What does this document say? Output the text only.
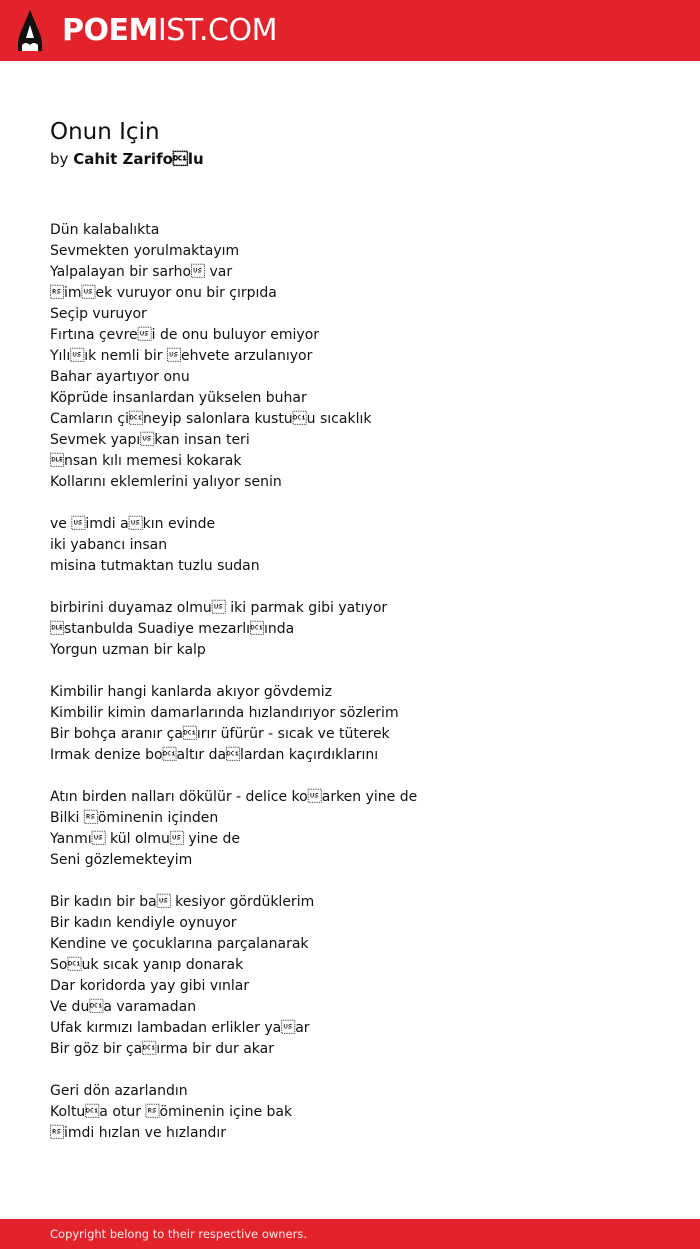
POEMIST.COM
Onun Için
by Cahit Zarifolu
Dün kalabalıkta
Sevmekten yorulmaktayım
Yalpalayan bir sarho var
imek vuruyor onu bir çırpıda
Seçip vuruyor
Fırtına çevrei de onu buluyor emiyor
Yılıık nemli bir ehvete arzulanıyor
Bahar ayartıyor onu
Köprüde insanlardan yükselen buhar
Camların çineyip salonlara kustuu sıcaklık
Sevmek yapıkan insan teri
nsan kılı memesi kokarak
Kollarını eklemlerini yalıyor senin
ve imdi akın evinde
iki yabancı insan
misina tutmaktan tuzlu sudan
birbirini duyamaz olmu iki parmak gibi yatıyor
stanbulda Suadiye mezarlıında
Yorgun uzman bir kalp
Kimbilir hangi kanlarda akıyor gövdemiz
Kimbilir kimin damarlarında hızlandırıyor sözlerim
Bir bohça aranır çaırır üfürür - sıcak ve tüterek
Irmak denize boaltır dalardan kaçırdıklarını
Atın birden nalları dökülür - delice koarken yine de
Bilki öminenin içinden
Yanmı kül olmu yine de
Seni gözlemekteyim
Bir kadın bir ba kesiyor gördüklerim
Bir kadın kendiyle oynuyor
Kendine ve çocuklarına parçalanarak
Souk sıcak yanıp donarak
Dar koridorda yay gibi vınlar
Ve dua varamadan
Ufak kırmızı lambadan erlikler yaar
Bir göz bir çaırma bir dur akar
Geri dön azarlandın
Koltua otur öminenin içine bak
imdi hızlan ve hızlandır
Copyright belong to their respective owners.
